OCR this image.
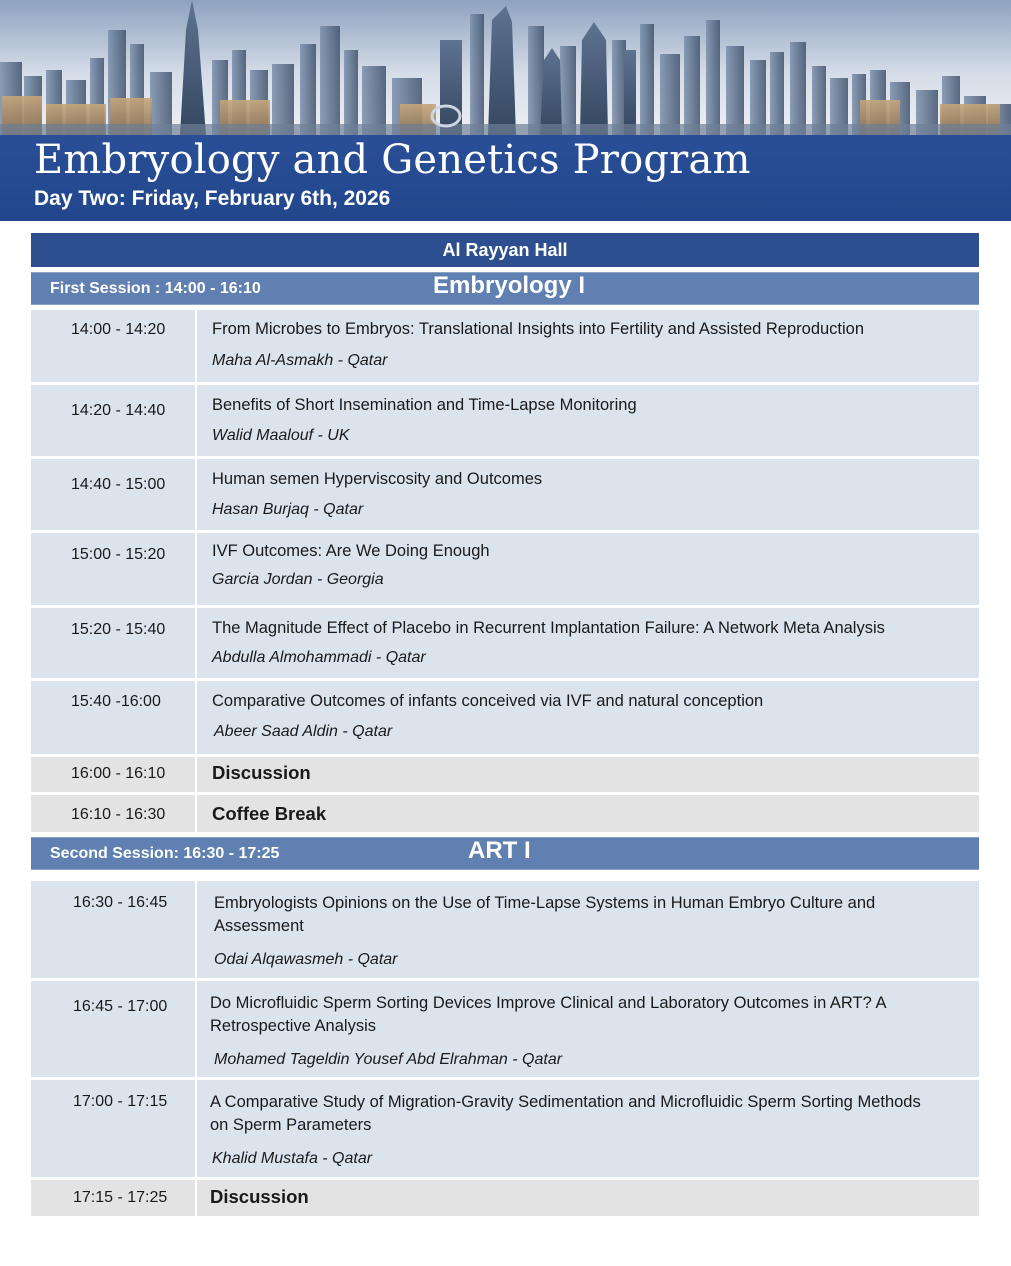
Embryology and Genetics Program
Day Two: Friday, February 6th, 2026
Al Rayyan Hall
First Session : 14:00 - 16:10	Embryology I
14:00 - 14:20	From Microbes to Embryos: Translational Insights into Fertility and Assisted Reproduction
Maha Al-Asmakh - Qatar
14:20 - 14:40	Benefits of Short Insemination and Time-Lapse Monitoring
Walid Maalouf - UK
14:40 - 15:00	Human semen Hyperviscosity and Outcomes
Hasan Burjaq - Qatar
15:00 - 15:20	IVF Outcomes: Are We Doing Enough
Garcia Jordan - Georgia
15:20 - 15:40	The Magnitude Effect of Placebo in Recurrent Implantation Failure: A Network Meta Analysis
Abdulla Almohammadi - Qatar
15:40 -16:00	Comparative Outcomes of infants conceived via IVF and natural conception
Abeer Saad Aldin - Qatar
16:00 - 16:10	Discussion
16:10 - 16:30	Coffee Break
Second Session: 16:30 - 17:25	ART I
16:30 - 16:45	Embryologists Opinions on the Use of Time-Lapse Systems in Human Embryo Culture and Assessment
Odai Alqawasmeh - Qatar
16:45 - 17:00	Do Microfluidic Sperm Sorting Devices Improve Clinical and Laboratory Outcomes in ART? A Retrospective Analysis
Mohamed Tageldin Yousef Abd Elrahman - Qatar
17:00 - 17:15	A Comparative Study of Migration-Gravity Sedimentation and Microfluidic Sperm Sorting Methods on Sperm Parameters
Khalid Mustafa - Qatar
17:15 - 17:25 Discussion
